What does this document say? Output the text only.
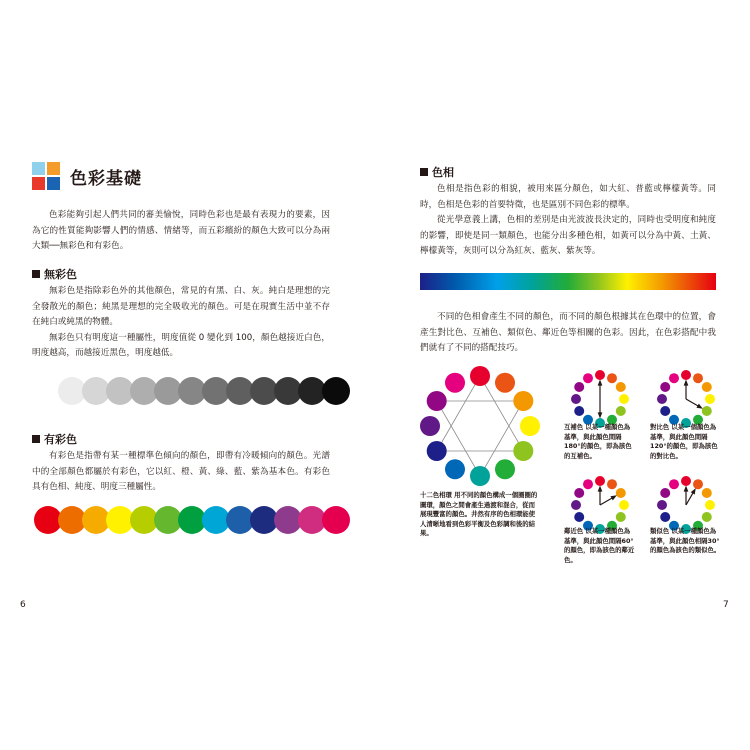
色彩基礎

色彩能夠引起人們共同的審美愉悅，同時色彩也是最有表現力的要素，因為它的性質能夠影響人們的情感、情緒等，而五彩繽紛的顏色大致可以分為兩大類──無彩色和有彩色。

無彩色

無彩色是指除彩色外的其他顏色，常見的有黑、白、灰。純白是理想的完全發散光的顏色；純黑是理想的完全吸收光的顏色。可是在現實生活中並不存在純白或純黑的物體。

無彩色只有明度這一種屬性，明度值從 0 變化到 100，顏色越接近白色，明度越高，而越接近黑色，明度越低。

有彩色

有彩色是指帶有某一種標準色傾向的顏色，即帶有冷暖傾向的顏色。光譜中的全部顏色都屬於有彩色，它以紅、橙、黃、綠、藍、紫為基本色。有彩色具有色相、純度、明度三種屬性。

6
色相

色相是指色彩的相貌，被用來區分顏色，如大紅、普藍或檸檬黃等。同時，色相是色彩的首要特徵，也是區別不同色彩的標準。

從光學意義上講，色相的差別是由光波波長決定的，同時也受明度和純度的影響，即使是同一類顏色，也能分出多種色相，如黃可以分為中黃、土黃、檸檬黃等，灰則可以分為紅灰、藍灰、紫灰等。

不同的色相會產生不同的顏色，而不同的顏色根據其在色環中的位置，會產生對比色、互補色、類似色、鄰近色等相關的色彩。因此，在色彩搭配中我們就有了不同的搭配技巧。

十二色相環 用不同的顏色構成一個圈圈的圖環，顏色之間會產生過渡和混合，從而展現豐富的顏色。井然有序的色相環能使人清晰地看到色彩平衡及色彩調和後的結果。
互補色 以某一種顏色為基準，與此顏色間隔180°的顏色，即為該色的互補色。
對比色 以某一個顏色為基準，與此顏色間隔120°的顏色，即為該色的對比色。
鄰近色 以某一種顏色為基準，與此顏色間隔60°的顏色，即為該色的鄰近色。
類似色 以某一種顏色為基準，與此顏色相隔30°的顏色為該色的類似色。
7
